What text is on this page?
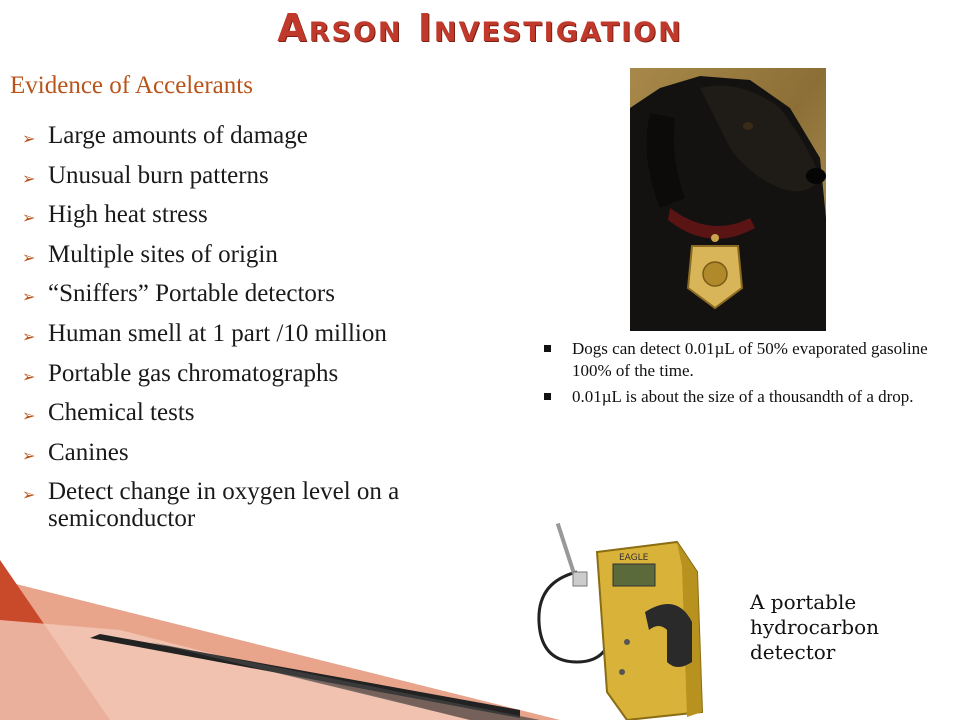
Arson Investigation
Evidence of Accelerants
➢ Large amounts of damage
➢ Unusual burn patterns
➢ High heat stress
➢ Multiple sites of origin
➢ “Sniffers” Portable detectors
➢ Human smell at 1 part /10 million
➢ Portable gas chromatographs
➢ Chemical tests
➢ Canines
➢ Detect change in oxygen level on a semiconductor
Dogs can detect 0.01µL of 50% evaporated gasoline 100% of the time.
0.01µL is about the size of a thousandth of a drop.
EAGLE
A portable hydrocarbon detector
